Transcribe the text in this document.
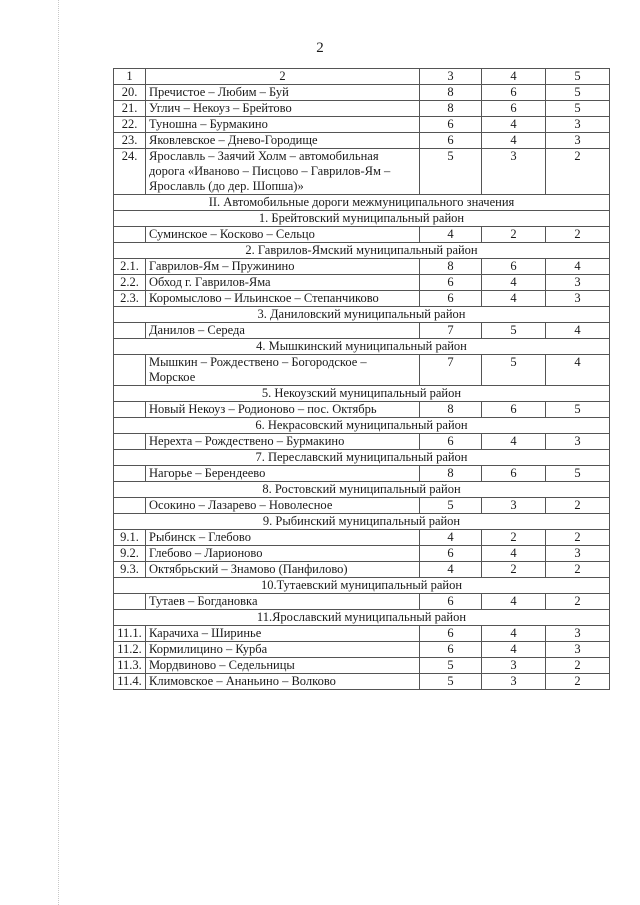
2
1	2	3	4	5
20.	Пречистое – Любим – Буй	8	6	5
21.	Углич – Некоуз – Брейтово	8	6	5
22.	Туношна – Бурмакино	6	4	3
23.	Яковлевское – Днево-Городище	6	4	3
24.	Ярославль – Заячий Холм – автомобильная дорога «Иваново – Писцово – Гаврилов-Ям – Ярославль (до дер. Шопша)»	5	3	2
II. Автомобильные дороги межмуниципального значения				
1. Брейтовский муниципальный район				
	Суминское – Косково – Сельцо	4	2	2
2. Гаврилов-Ямский муниципальный район				
2.1.	Гаврилов-Ям – Пружинино	8	6	4
2.2.	Обход г. Гаврилов-Яма	6	4	3
2.3.	Коромыслово – Ильинское – Степанчиково	6	4	3
3. Даниловский муниципальный район				
	Данилов – Середа	7	5	4
4. Мышкинский муниципальный район				
	Мышкин – Рождествено – Богородское – Морское	7	5	4
5. Некоузский муниципальный район				
	Новый Некоуз – Родионово – пос. Октябрь	8	6	5
6. Некрасовский муниципальный район				
	Нерехта – Рождествено – Бурмакино	6	4	3
7. Переславский муниципальный район				
	Нагорье – Берендеево	8	6	5
8. Ростовский муниципальный район				
	Осокино – Лазарево – Новолесное	5	3	2
9. Рыбинский муниципальный район				
9.1.	Рыбинск – Глебово	4	2	2
9.2.	Глебово – Ларионово	6	4	3
9.3.	Октябрьский – Знамово (Панфилово)	4	2	2
10.Тутаевский муниципальный район				
	Тутаев – Богдановка	6	4	2
11.Ярославский муниципальный район				
11.1.	Карачиха – Ширинье	6	4	3
11.2.	Кормилицино – Курба	6	4	3
11.3.	Мордвиново – Седельницы	5	3	2
11.4.	Климовское – Ананьино – Волково	5	3	2
